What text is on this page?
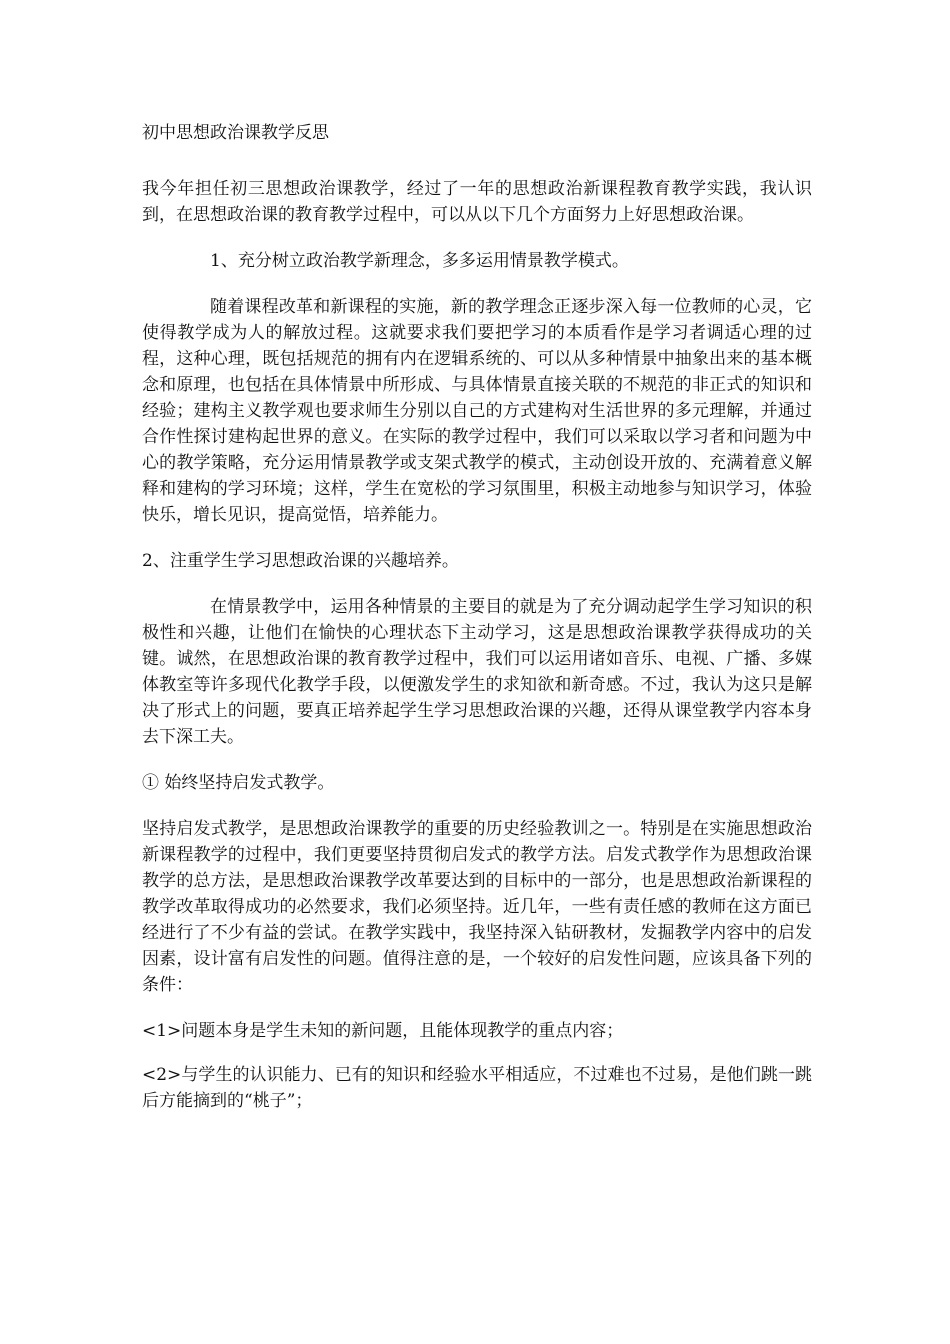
初中思想政治课教学反思

我今年担任初三思想政治课教学，经过了一年的思想政治新课程教育教学实践，我认识到，在思想政治课的教育教学过程中，可以从以下几个方面努力上好思想政治课。

1、充分树立政治教学新理念，多多运用情景教学模式。

随着课程改革和新课程的实施，新的教学理念正逐步深入每一位教师的心灵，它使得教学成为人的解放过程。这就要求我们要把学习的本质看作是学习者调适心理的过程，这种心理，既包括规范的拥有内在逻辑系统的、可以从多种情景中抽象出来的基本概念和原理，也包括在具体情景中所形成、与具体情景直接关联的不规范的非正式的知识和经验；建构主义教学观也要求师生分别以自己的方式建构对生活世界的多元理解，并通过合作性探讨建构起世界的意义。在实际的教学过程中，我们可以采取以学习者和问题为中心的教学策略，充分运用情景教学或支架式教学的模式，主动创设开放的、充满着意义解释和建构的学习环境；这样，学生在宽松的学习氛围里，积极主动地参与知识学习，体验快乐，增长见识，提高觉悟，培养能力。

2、注重学生学习思想政治课的兴趣培养。

在情景教学中，运用各种情景的主要目的就是为了充分调动起学生学习知识的积极性和兴趣，让他们在愉快的心理状态下主动学习，这是思想政治课教学获得成功的关键。诚然，在思想政治课的教育教学过程中，我们可以运用诸如音乐、电视、广播、多媒体教室等许多现代化教学手段，以便激发学生的求知欲和新奇感。不过，我认为这只是解决了形式上的问题，要真正培养起学生学习思想政治课的兴趣，还得从课堂教学内容本身去下深工夫。

① 始终坚持启发式教学。

坚持启发式教学，是思想政治课教学的重要的历史经验教训之一。特别是在实施思想政治新课程教学的过程中，我们更要坚持贯彻启发式的教学方法。启发式教学作为思想政治课教学的总方法，是思想政治课教学改革要达到的目标中的一部分，也是思想政治新课程的教学改革取得成功的必然要求，我们必须坚持。近几年，一些有责任感的教师在这方面已经进行了不少有益的尝试。在教学实践中，我坚持深入钻研教材，发掘教学内容中的启发因素，设计富有启发性的问题。值得注意的是，一个较好的启发性问题，应该具备下列的条件：

<1>问题本身是学生未知的新问题，且能体现教学的重点内容；

<2>与学生的认识能力、已有的知识和经验水平相适应，不过难也不过易，是他们跳一跳后方能摘到的“桃子”；
